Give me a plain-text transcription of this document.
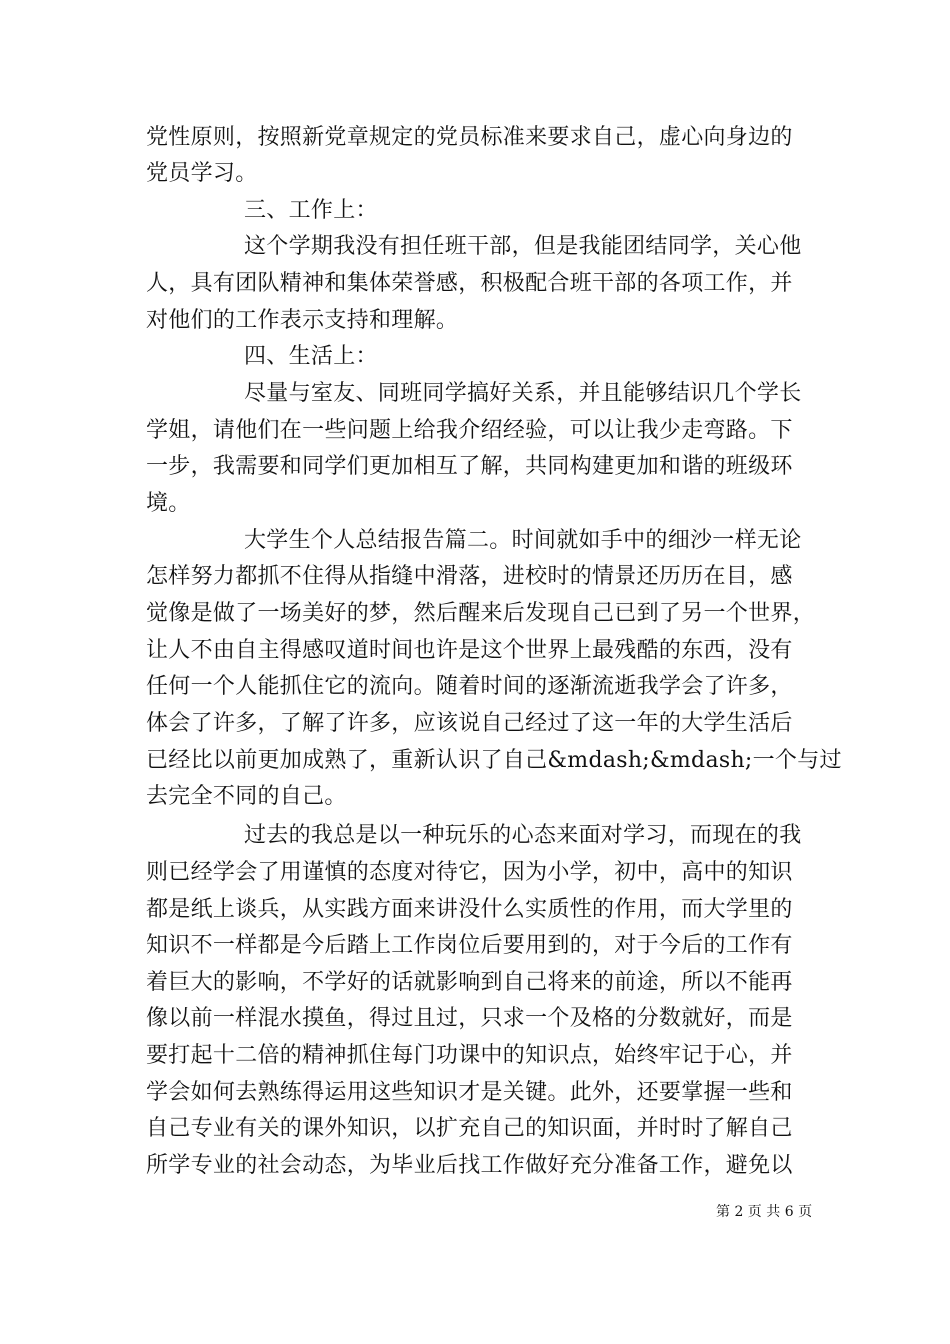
党性原则，按照新党章规定的党员标准来要求自己，虚心向身边的
党员学习。
三、工作上：
这个学期我没有担任班干部，但是我能团结同学，关心他
人，具有团队精神和集体荣誉感，积极配合班干部的各项工作，并
对他们的工作表示支持和理解。
四、生活上：
尽量与室友、同班同学搞好关系，并且能够结识几个学长
学姐，请他们在一些问题上给我介绍经验，可以让我少走弯路。下
一步，我需要和同学们更加相互了解，共同构建更加和谐的班级环
境。
大学生个人总结报告篇二。时间就如手中的细沙一样无论
怎样努力都抓不住得从指缝中滑落，进校时的情景还历历在目，感
觉像是做了一场美好的梦，然后醒来后发现自己已到了另一个世界，
让人不由自主得感叹道时间也许是这个世界上最残酷的东西，没有
任何一个人能抓住它的流向。随着时间的逐渐流逝我学会了许多，
体会了许多，了解了许多，应该说自己经过了这一年的大学生活后
已经比以前更加成熟了，重新认识了自己&mdash;&mdash;一个与过
去完全不同的自己。
过去的我总是以一种玩乐的心态来面对学习，而现在的我
则已经学会了用谨慎的态度对待它，因为小学，初中，高中的知识
都是纸上谈兵，从实践方面来讲没什么实质性的作用，而大学里的
知识不一样都是今后踏上工作岗位后要用到的，对于今后的工作有
着巨大的影响，不学好的话就影响到自己将来的前途，所以不能再
像以前一样混水摸鱼，得过且过，只求一个及格的分数就好，而是
要打起十二倍的精神抓住每门功课中的知识点，始终牢记于心，并
学会如何去熟练得运用这些知识才是关键。此外，还要掌握一些和
自己专业有关的课外知识，以扩充自己的知识面，并时时了解自己
所学专业的社会动态，为毕业后找工作做好充分准备工作，避免以
第 2 页 共 6 页
